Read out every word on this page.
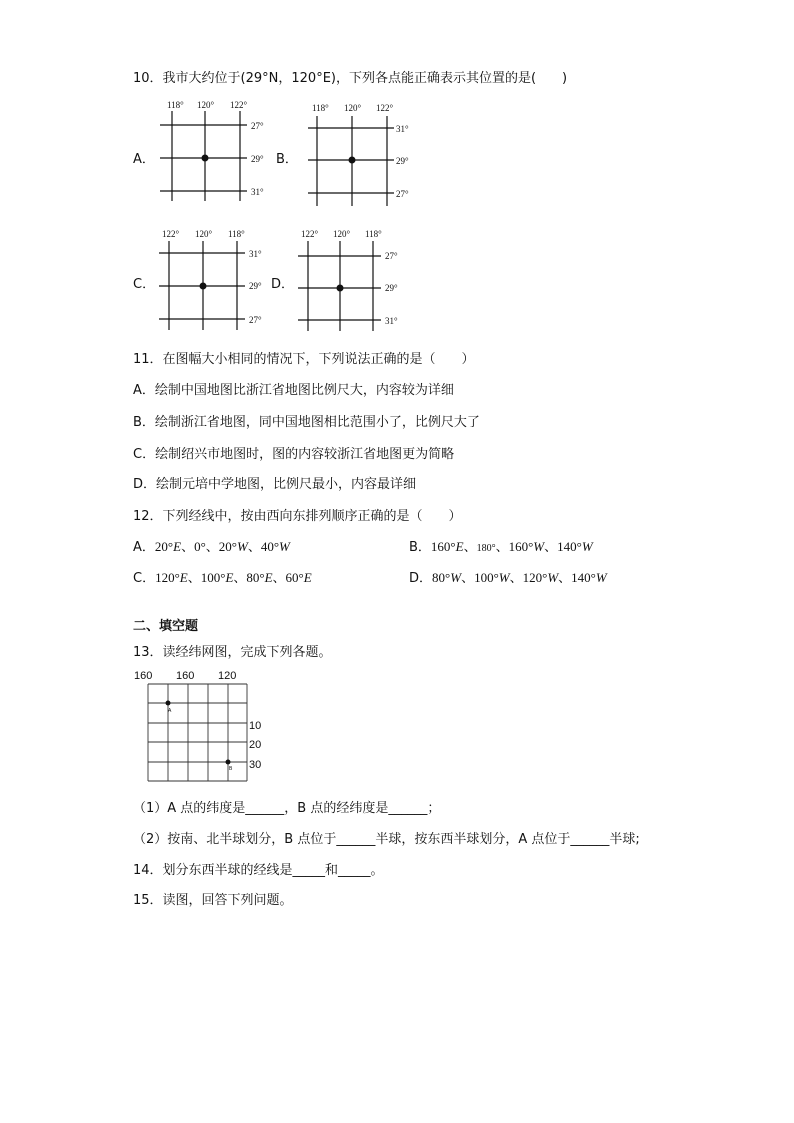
10．我市大约位于(29°N，120°E)，下列各点能正确表示其位置的是(　　)
A．
118° 120° 122°
27°
29°
31°
B．
118° 120° 122°
31°
29°
27°
C．
122° 120° 118°
31°
29°
27°
D．
122° 120° 118°
27°
29°
31°
11．在图幅大小相同的情况下，下列说法正确的是（　　）
A．绘制中国地图比浙江省地图比例尺大，内容较为详细
B．绘制浙江省地图，同中国地图相比范围小了，比例尺大了
C．绘制绍兴市地图时，图的内容较浙江省地图更为简略
D．绘制元培中学地图，比例尺最小，内容最详细
12．下列经线中，按由西向东排列顺序正确的是（　　）
A．20°E、0°、20°W、40°W	B．160°E、180°、160°W、140°W
C．120°E、100°E、80°E、60°E	D．80°W、100°W、120°W、140°W
二、填空题
13．读经纬网图，完成下列各题。
160 160 120
A
B
10
20
30
（1）A 点的纬度是______，B 点的经纬度是______；
（2）按南、北半球划分，B 点位于______半球，按东西半球划分，A 点位于______半球;
14．划分东西半球的经线是_____和_____。
15．读图，回答下列问题。
